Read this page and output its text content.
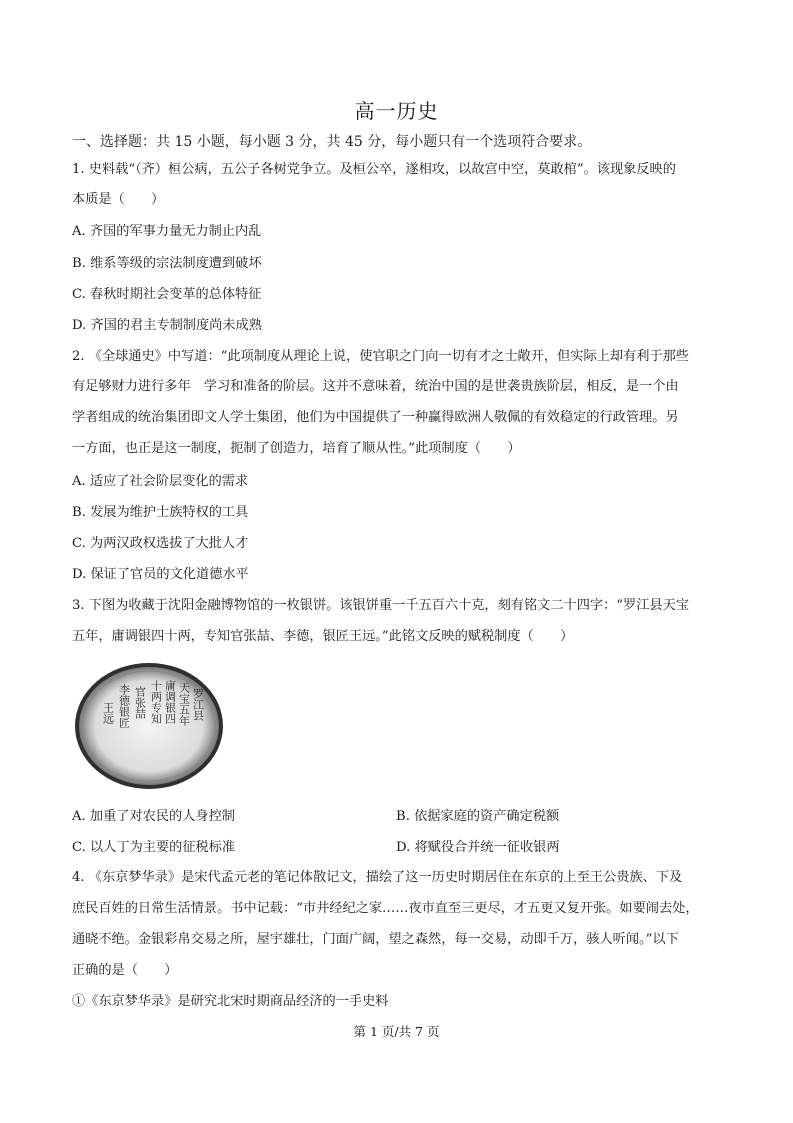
高一历史
一、选择题：共 15 小题，每小题 3 分，共 45 分，每小题只有一个选项符合要求。
1. 史料载“（齐）桓公病，五公子各树党争立。及桓公卒，遂相攻，以故宫中空，莫敢棺”。该现象反映的
本质是（　　）
A. 齐国的军事力量无力制止内乱
B. 维系等级的宗法制度遭到破坏
C. 春秋时期社会变革的总体特征
D. 齐国的君主专制制度尚未成熟
2. 《全球通史》中写道：“此项制度从理论上说，使官职之门向一切有才之士敞开，但实际上却有利于那些
有足够财力进行多年　学习和准备的阶层。这并不意味着，统治中国的是世袭贵族阶层，相反，是一个由
学者组成的统治集团即文人学士集团，他们为中国提供了一种赢得欧洲人敬佩的有效稳定的行政管理。另
一方面，也正是这一制度，扼制了创造力，培育了顺从性。”此项制度（　　）
A. 适应了社会阶层变化的需求
B. 发展为维护士族特权的工具
C. 为两汉政权选拔了大批人才
D. 保证了官员的文化道德水平
3. 下图为收藏于沈阳金融博物馆的一枚银饼。该银饼重一千五百六十克，刻有铭文二十四字：“罗江县天宝
五年，庸调银四十两，专知官张喆、李德，银匠王远。”此铭文反映的赋税制度（　　）
罗江县
天宝五年
庸调银四
十两专知
官张喆
李德银匠
王远
A. 加重了对农民的人身控制	B. 依据家庭的资产确定税额
C. 以人丁为主要的征税标准	D. 将赋役合并统一征收银两
4. 《东京梦华录》是宋代孟元老的笔记体散记文，描绘了这一历史时期居住在东京的上至王公贵族、下及
庶民百姓的日常生活情景。书中记载：“市井经纪之家……夜市直至三更尽，才五更又复开张。如要闹去处，
通晓不绝。金银彩帛交易之所，屋宇雄壮，门面广阔，望之森然，每一交易，动即千万，骇人听闻。”以下
正确的是（　　）
①《东京梦华录》是研究北宋时期商品经济的一手史料
第 1 页/共 7 页
